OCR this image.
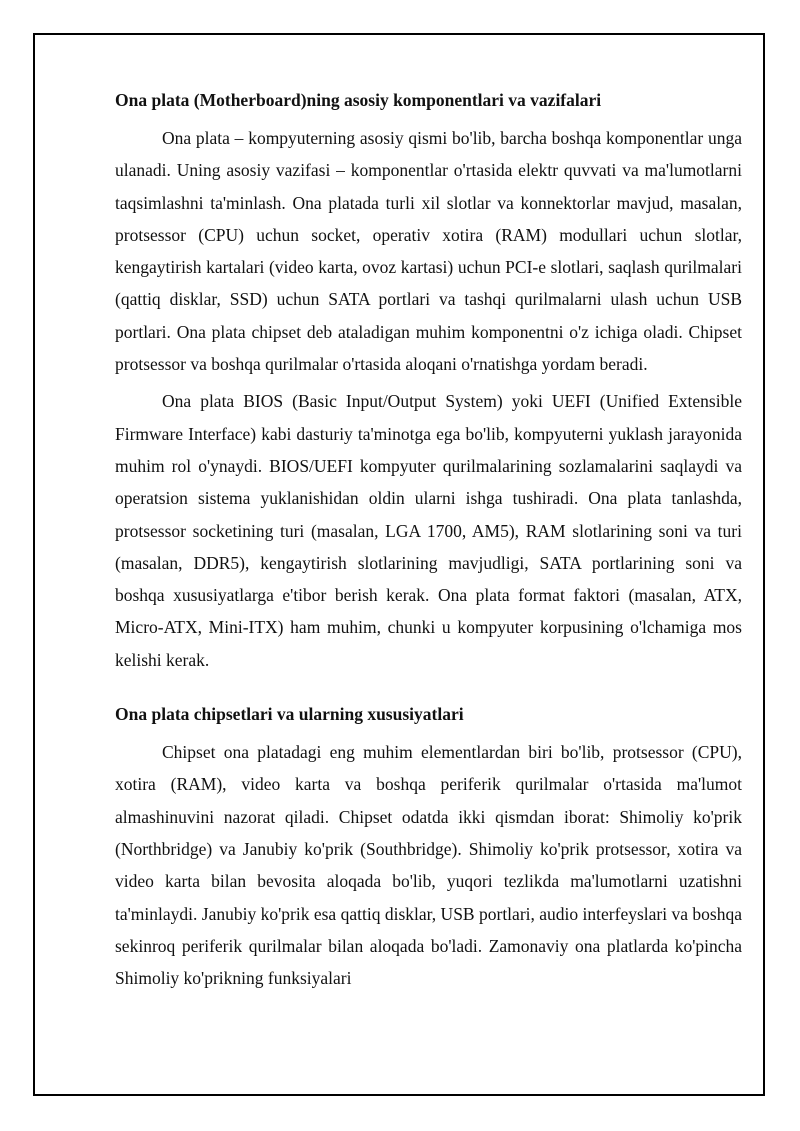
Ona plata (Motherboard)ning asosiy komponentlari va vazifalari

Ona plata – kompyuterning asosiy qismi bo'lib, barcha boshqa komponentlar unga ulanadi. Uning asosiy vazifasi – komponentlar o'rtasida elektr quvvati va ma'lumotlarni taqsimlashni ta'minlash. Ona platada turli xil slotlar va konnektorlar mavjud, masalan, protsessor (CPU) uchun socket, operativ xotira (RAM) modullari uchun slotlar, kengaytirish kartalari (video karta, ovoz kartasi) uchun PCI-e slotlari, saqlash qurilmalari (qattiq disklar, SSD) uchun SATA portlari va tashqi qurilmalarni ulash uchun USB portlari. Ona plata chipset deb ataladigan muhim komponentni o'z ichiga oladi. Chipset protsessor va boshqa qurilmalar o'rtasida aloqani o'rnatishga yordam beradi.

Ona plata BIOS (Basic Input/Output System) yoki UEFI (Unified Extensible Firmware Interface) kabi dasturiy ta'minotga ega bo'lib, kompyuterni yuklash jarayonida muhim rol o'ynaydi. BIOS/UEFI kompyuter qurilmalarining sozlamalarini saqlaydi va operatsion sistema yuklanishidan oldin ularni ishga tushiradi. Ona plata tanlashda, protsessor socketining turi (masalan, LGA 1700, AM5), RAM slotlarining soni va turi (masalan, DDR5), kengaytirish slotlarining mavjudligi, SATA portlarining soni va boshqa xususiyatlarga e'tibor berish kerak. Ona plata format faktori (masalan, ATX, Micro-ATX, Mini-ITX) ham muhim, chunki u kompyuter korpusining o'lchamiga mos kelishi kerak.

Ona plata chipsetlari va ularning xususiyatlari

Chipset ona platadagi eng muhim elementlardan biri bo'lib, protsessor (CPU), xotira (RAM), video karta va boshqa periferik qurilmalar o'rtasida ma'lumot almashinuvini nazorat qiladi. Chipset odatda ikki qismdan iborat: Shimoliy ko'prik (Northbridge) va Janubiy ko'prik (Southbridge). Shimoliy ko'prik protsessor, xotira va video karta bilan bevosita aloqada bo'lib, yuqori tezlikda ma'lumotlarni uzatishni ta'minlaydi. Janubiy ko'prik esa qattiq disklar, USB portlari, audio interfeyslari va boshqa sekinroq periferik qurilmalar bilan aloqada bo'ladi. Zamonaviy ona platlarda ko'pincha Shimoliy ko'prikning funksiyalari
